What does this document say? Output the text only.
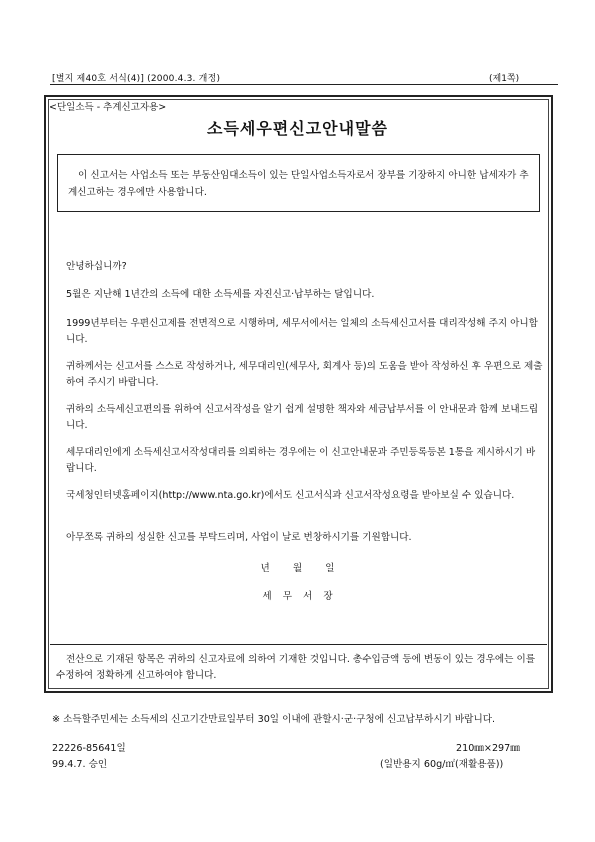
[별지 제40호 서식(4)] (2000.4.3. 개정)	(제1쪽)
<단일소득 - 추계신고자용>
소득세우편신고안내말씀

이 신고서는 사업소득 또는 부동산임대소득이 있는 단일사업소득자로서 장부를 기장하지 아니한 납세자가 추계신고하는 경우에만 사용합니다.

안녕하십니까?

5월은 지난해 1년간의 소득에 대한 소득세를 자진신고·납부하는 달입니다.

1999년부터는 우편신고제를 전면적으로 시행하며, 세무서에서는 일체의 소득세신고서를 대리작성해 주지 아니합니다.

귀하께서는 신고서를 스스로 작성하거나, 세무대리인(세무사, 회계사 등)의 도움을 받아 작성하신 후 우편으로 제출하여 주시기 바랍니다.

귀하의 소득세신고편의를 위하여 신고서작성을 알기 쉽게 설명한 책자와 세금납부서를 이 안내문과 함께 보내드립니다.

세무대리인에게 소득세신고서작성대리를 의뢰하는 경우에는 이 신고안내문과 주민등록등본 1통을 제시하시기 바랍니다.

국세청인터넷홈페이지(http://www.nta.go.kr)에서도 신고서식과 신고서작성요령을 받아보실 수 있습니다.

아무쪼록 귀하의 성실한 신고를 부탁드리며, 사업이 날로 번창하시기를 기원합니다.

년 월 일
세 무 서 장

전산으로 기재된 항목은 귀하의 신고자료에 의하여 기재한 것입니다. 총수입금액 등에 변동이 있는 경우에는 이를 수정하여 정확하게 신고하여야 합니다.

※ 소득할주민세는 소득세의 신고기간만료일부터 30일 이내에 관할시·군·구청에 신고납부하시기 바랍니다.

22226-85641일	210㎜×297㎜
99.4.7. 승인	(일반용지 60g/㎡(재활용품))
